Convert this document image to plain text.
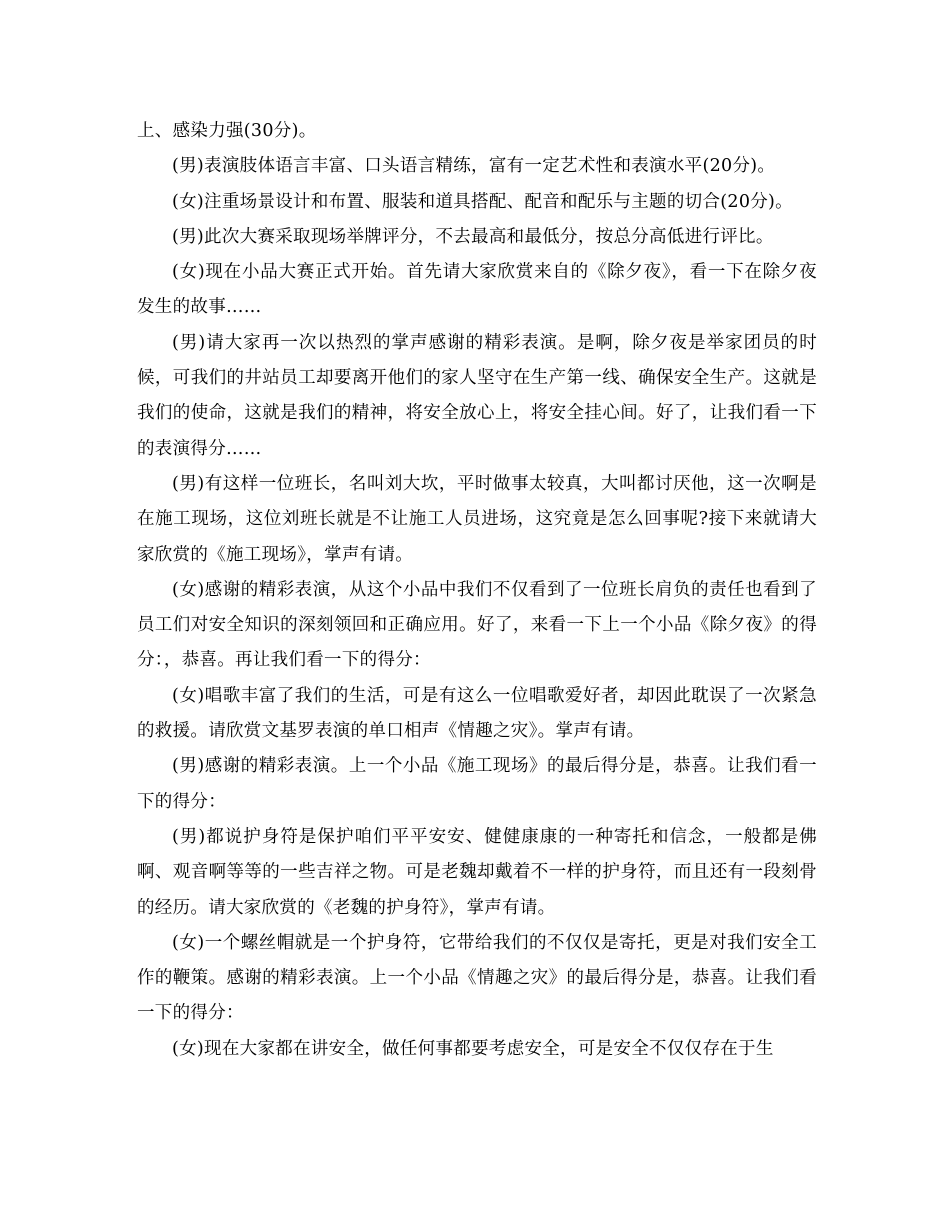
上、感染力强(30分)。

(男)表演肢体语言丰富、口头语言精练，富有一定艺术性和表演水平(20分)。

(女)注重场景设计和布置、服装和道具搭配、配音和配乐与主题的切合(20分)。

(男)此次大赛采取现场举牌评分，不去最高和最低分，按总分高低进行评比。

(女)现在小品大赛正式开始。首先请大家欣赏来自的《除夕夜》，看一下在除夕夜发生的故事……

(男)请大家再一次以热烈的掌声感谢的精彩表演。是啊，除夕夜是举家团员的时候，可我们的井站员工却要离开他们的家人坚守在生产第一线、确保安全生产。这就是我们的使命，这就是我们的精神，将安全放心上，将安全挂心间。好了，让我们看一下的表演得分……

(男)有这样一位班长，名叫刘大坎，平时做事太较真，大叫都讨厌他，这一次啊是在施工现场，这位刘班长就是不让施工人员进场，这究竟是怎么回事呢?接下来就请大家欣赏的《施工现场》，掌声有请。

(女)感谢的精彩表演，从这个小品中我们不仅看到了一位班长肩负的责任也看到了员工们对安全知识的深刻领回和正确应用。好了，来看一下上一个小品《除夕夜》的得分：，恭喜。再让我们看一下的得分：

(女)唱歌丰富了我们的生活，可是有这么一位唱歌爱好者，却因此耽误了一次紧急的救援。请欣赏文基罗表演的单口相声《情趣之灾》。掌声有请。

(男)感谢的精彩表演。上一个小品《施工现场》的最后得分是，恭喜。让我们看一下的得分：

(男)都说护身符是保护咱们平平安安、健健康康的一种寄托和信念，一般都是佛啊、观音啊等等的一些吉祥之物。可是老魏却戴着不一样的护身符，而且还有一段刻骨的经历。请大家欣赏的《老魏的护身符》，掌声有请。

(女)一个螺丝帽就是一个护身符，它带给我们的不仅仅是寄托，更是对我们安全工作的鞭策。感谢的精彩表演。上一个小品《情趣之灾》的最后得分是，恭喜。让我们看一下的得分：

(女)现在大家都在讲安全，做任何事都要考虑安全，可是安全不仅仅存在于生
